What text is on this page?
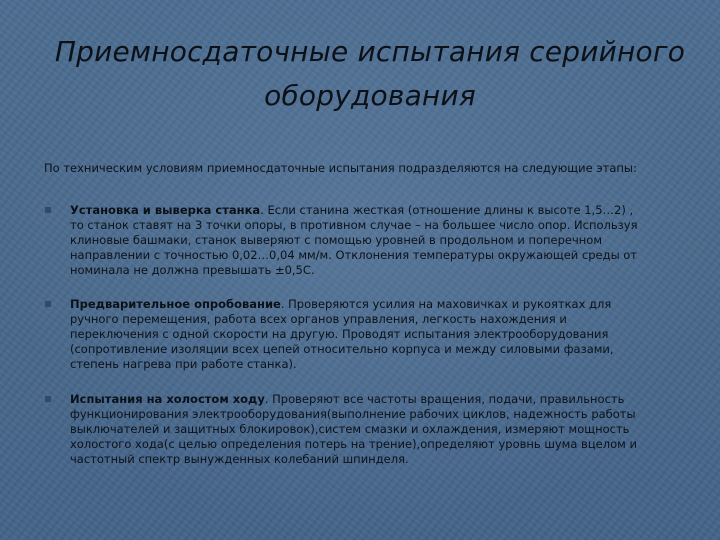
Приемносдаточные испытания серийного
оборудования
По техническим условиям приемносдаточные испытания подразделяются на следующие этапы:
Установка и выверка станка. Если станина жесткая (отношение длины к высоте 1,5…2) ,
то станок ставят на 3 точки опоры, в противном случае – на большее число опор. Используя
клиновые башмаки, станок выверяют с помощью уровней в продольном и поперечном
направлении с точностью 0,02…0,04 мм/м. Отклонения температуры окружающей среды от
номинала не должна превышать ±0,5С.
Предварительное опробование. Проверяются усилия на маховичках и рукоятках для
ручного перемещения, работа всех органов управления, легкость нахождения и
переключения с одной скорости на другую. Проводят испытания электрооборудования
(сопротивление изоляции всех цепей относительно корпуса и между силовыми фазами,
степень нагрева при работе станка).
Испытания на холостом ходу. Проверяют все частоты вращения, подачи, правильность
функционирования электрооборудования(выполнение рабочих циклов, надежность работы
выключателей и защитных блокировок),систем смазки и охлаждения, измеряют мощность
холостого хода(с целью определения потерь на трение),определяют уровнь шума вцелом и
частотный спектр вынужденных колебаний шпинделя.
